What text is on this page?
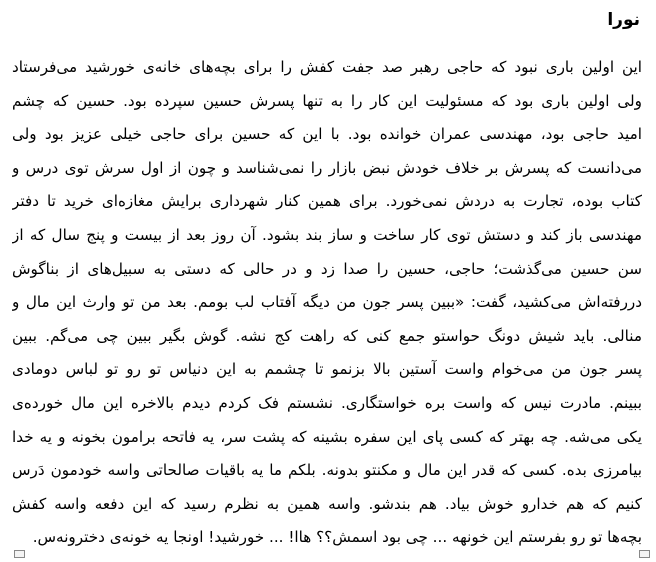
نورا
این اولین باری نبود که حاجی رهبر صد جفت کفش را برای بچه‌های خانه‌ی خورشید می‌فرستاد
ولی اولین باری بود که مسئولیت این کار را به تنها پسرش حسین سپرده بود. حسین که چشم
امید حاجی بود، مهندسی عمران خوانده بود. با این که حسین برای حاجی خیلی عزیز بود ولی
می‌دانست که پسرش بر خلاف خودش نبض بازار را نمی‌شناسد و چون از اول سرش توی درس و
کتاب بوده، تجارت به دردش نمی‌خورد. برای همین کنار شهرداری برایش مغازه‌ای خرید تا دفتر
مهندسی باز کند و دستش توی کار ساخت و ساز بند بشود. آن روز بعد از بیست و پنج سال که از
سن حسین می‌گذشت؛ حاجی، حسین را صدا زد و در حالی که دستی به سبیل‌های از بناگوش
دررفته‌اش می‌کشید، گفت: «ببین پسر جون من دیگه آفتاب لب بومم. بعد من تو وارث این مال و
منالی. باید شیش دونگ حواستو جمع کنی که راهت کج نشه. گوش بگیر ببین چی می‌گم. ببین
پسر جون من می‌خوام واست آستین بالا بزنمو تا چشمم به این دنیاس تو رو تو لباس دومادی
ببینم. مادرت نیس که واست بره خواستگاری. نشستم فک کردم دیدم بالاخره این مال خورده‌ی
یکی می‌شه. چه بهتر که کسی پای این سفره بشینه که پشت سر، یه فاتحه برامون بخونه و یه خدا
بیامرزی بده. کسی که قدر این مال و مکنتو بدونه. بلکم ما یه باقیات صالحاتی واسه خودمون دَرس
کنیم که هم خدارو خوش بیاد. هم بندشو. واسه همین به نظرم رسید که این دفعه واسه کفش
بچه‌ها تو رو بفرستم این خونهه ... چی بود اسمش؟؟ هاا! ... خورشید! اونجا یه خونه‌ی دخترونه‌س.
